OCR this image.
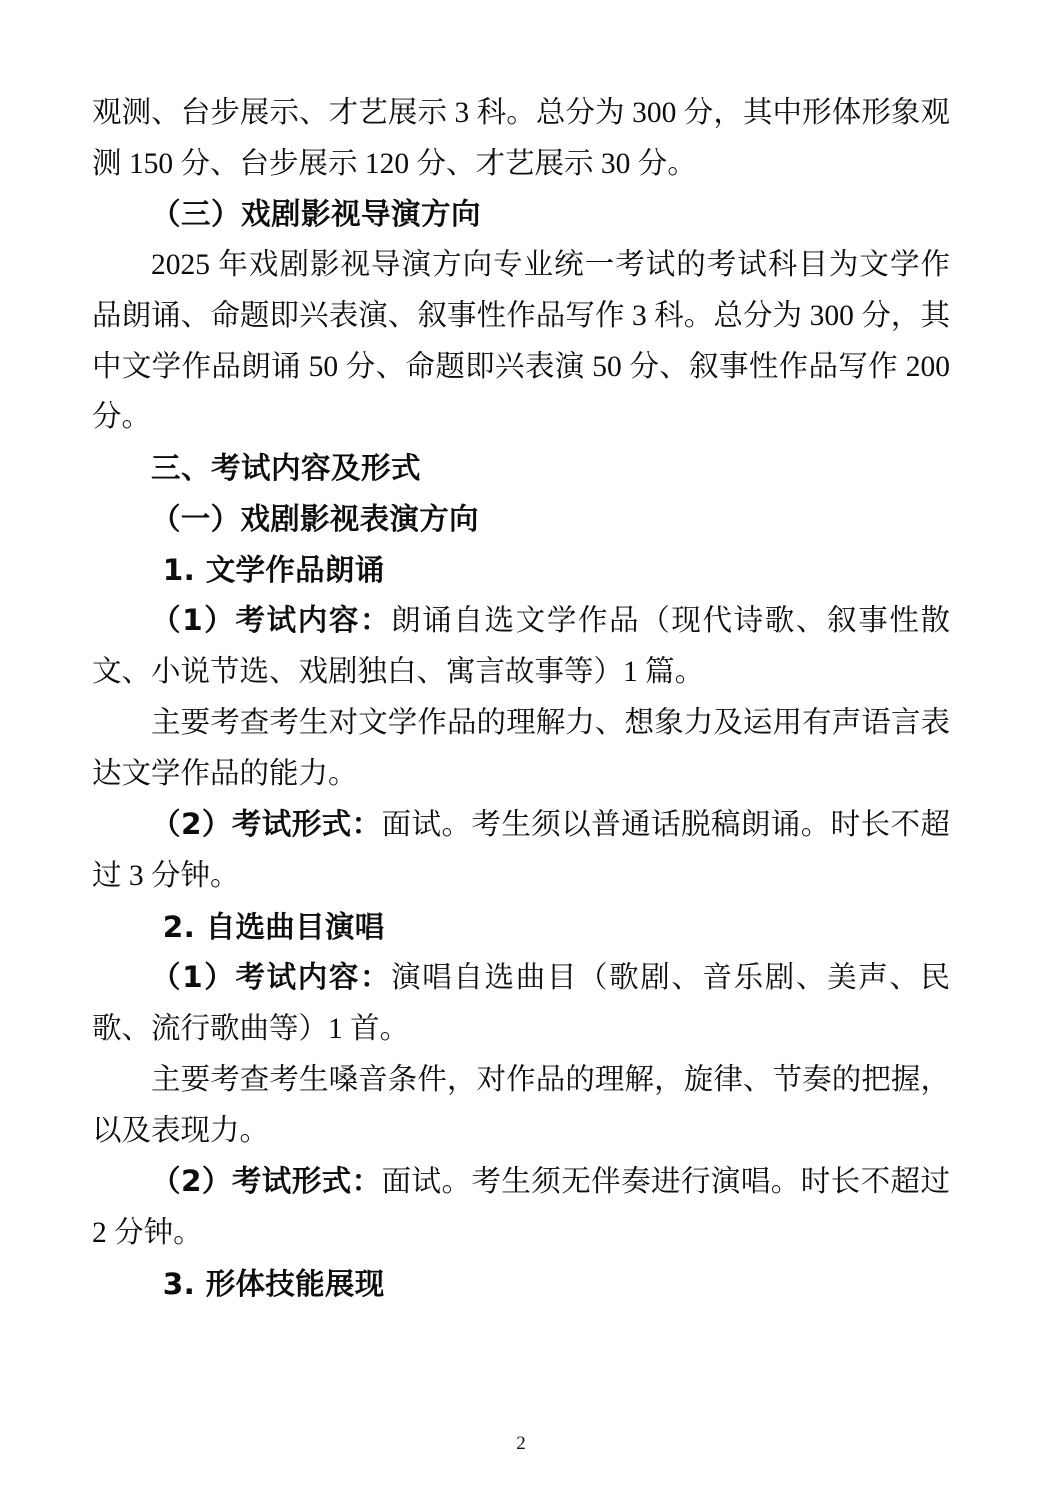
观测、台步展示、才艺展示 3 科。总分为 300 分，其中形体形象观测 150 分、台步展示 120 分、才艺展示 30 分。

（三）戏剧影视导演方向

2025 年戏剧影视导演方向专业统一考试的考试科目为文学作品朗诵、命题即兴表演、叙事性作品写作 3 科。总分为 300 分，其中文学作品朗诵 50 分、命题即兴表演 50 分、叙事性作品写作 200 分。

三、考试内容及形式

（一）戏剧影视表演方向

1. 文学作品朗诵

（1）考试内容：朗诵自选文学作品（现代诗歌、叙事性散文、小说节选、戏剧独白、寓言故事等）1 篇。

主要考查考生对文学作品的理解力、想象力及运用有声语言表达文学作品的能力。

（2）考试形式：面试。考生须以普通话脱稿朗诵。时长不超过 3 分钟。

2. 自选曲目演唱

（1）考试内容：演唱自选曲目（歌剧、音乐剧、美声、民歌、流行歌曲等）1 首。

主要考查考生嗓音条件，对作品的理解，旋律、节奏的把握，以及表现力。

（2）考试形式：面试。考生须无伴奏进行演唱。时长不超过 2 分钟。

3. 形体技能展现

2
